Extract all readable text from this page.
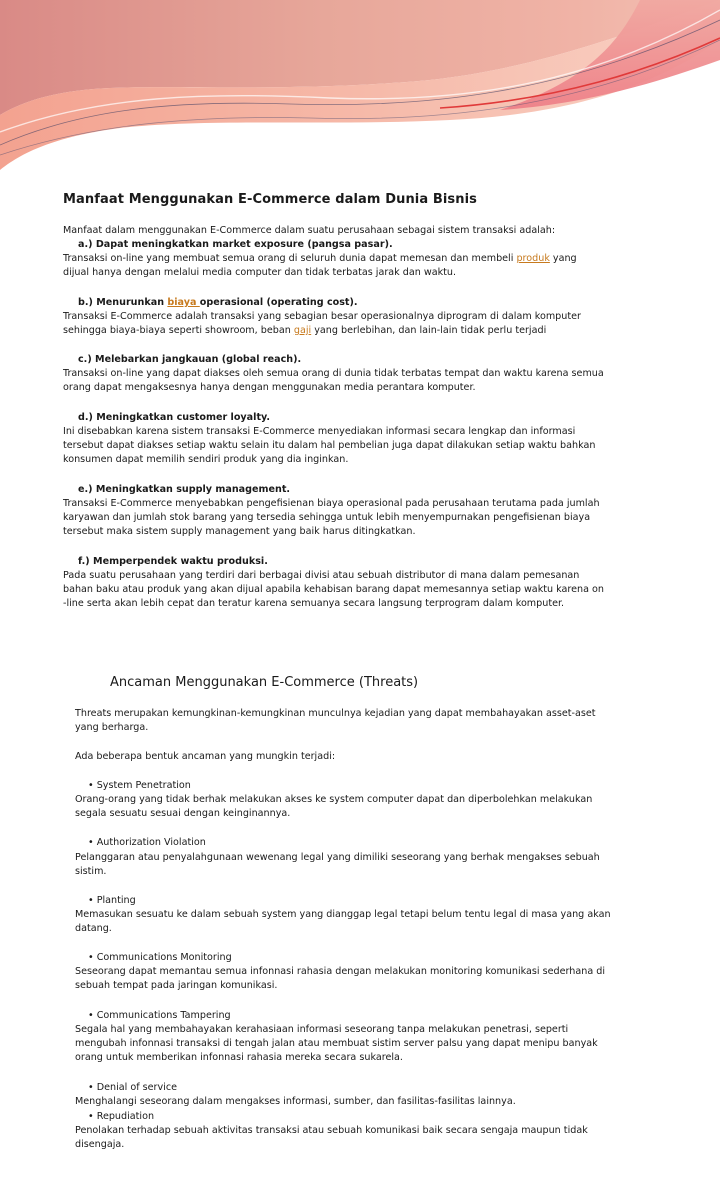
Manfaat Menggunakan E-Commerce dalam Dunia Bisnis

Manfaat dalam menggunakan E-Commerce dalam suatu perusahaan sebagai sistem transaksi adalah:

a.) Dapat meningkatkan market exposure (pangsa pasar).

Transaksi on-line yang membuat semua orang di seluruh dunia dapat memesan dan membeli produk yang

dijual hanya dengan melalui media computer dan tidak terbatas jarak dan waktu.

b.) Menurunkan biaya operasional (operating cost).

Transaksi E-Commerce adalah transaksi yang sebagian besar operasionalnya diprogram di dalam komputer

sehingga biaya-biaya seperti showroom, beban gaji yang berlebihan, dan lain-lain tidak perlu terjadi

c.) Melebarkan jangkauan (global reach).

Transaksi on-line yang dapat diakses oleh semua orang di dunia tidak terbatas tempat dan waktu karena semua

orang dapat mengaksesnya hanya dengan menggunakan media perantara komputer.

d.) Meningkatkan customer loyalty.

Ini disebabkan karena sistem transaksi E-Commerce menyediakan informasi secara lengkap dan informasi

tersebut dapat diakses setiap waktu selain itu dalam hal pembelian juga dapat dilakukan setiap waktu bahkan

konsumen dapat memilih sendiri produk yang dia inginkan.

e.) Meningkatkan supply management.

Transaksi E-Commerce menyebabkan pengefisienan biaya operasional pada perusahaan terutama pada jumlah

karyawan dan jumlah stok barang yang tersedia sehingga untuk lebih menyempurnakan pengefisienan biaya

tersebut maka sistem supply management yang baik harus ditingkatkan.

f.) Memperpendek waktu produksi.

Pada suatu perusahaan yang terdiri dari berbagai divisi atau sebuah distributor di mana dalam pemesanan

bahan baku atau produk yang akan dijual apabila kehabisan barang dapat memesannya setiap waktu karena on

-line serta akan lebih cepat dan teratur karena semuanya secara langsung terprogram dalam komputer.

Ancaman Menggunakan E-Commerce (Threats)

Threats merupakan kemungkinan-kemungkinan munculnya kejadian yang dapat membahayakan asset-aset

yang berharga.

Ada beberapa bentuk ancaman yang mungkin terjadi:

• System Penetration

Orang-orang yang tidak berhak melakukan akses ke system computer dapat dan diperbolehkan melakukan

segala sesuatu sesuai dengan keinginannya.

• Authorization Violation

Pelanggaran atau penyalahgunaan wewenang legal yang dimiliki seseorang yang berhak mengakses sebuah

sistim.

• Planting

Memasukan sesuatu ke dalam sebuah system yang dianggap legal tetapi belum tentu legal di masa yang akan

datang.

• Communications Monitoring

Seseorang dapat memantau semua infonnasi rahasia dengan melakukan monitoring komunikasi sederhana di

sebuah tempat pada jaringan komunikasi.

• Communications Tampering

Segala hal yang membahayakan kerahasiaan informasi seseorang tanpa melakukan penetrasi, seperti

mengubah infonnasi transaksi di tengah jalan atau membuat sistim server palsu yang dapat menipu banyak

orang untuk memberikan infonnasi rahasia mereka secara sukarela.

• Denial of service

Menghalangi seseorang dalam mengakses informasi, sumber, dan fasilitas-fasilitas lainnya.

• Repudiation

Penolakan terhadap sebuah aktivitas transaksi atau sebuah komunikasi baik secara sengaja maupun tidak

disengaja.
